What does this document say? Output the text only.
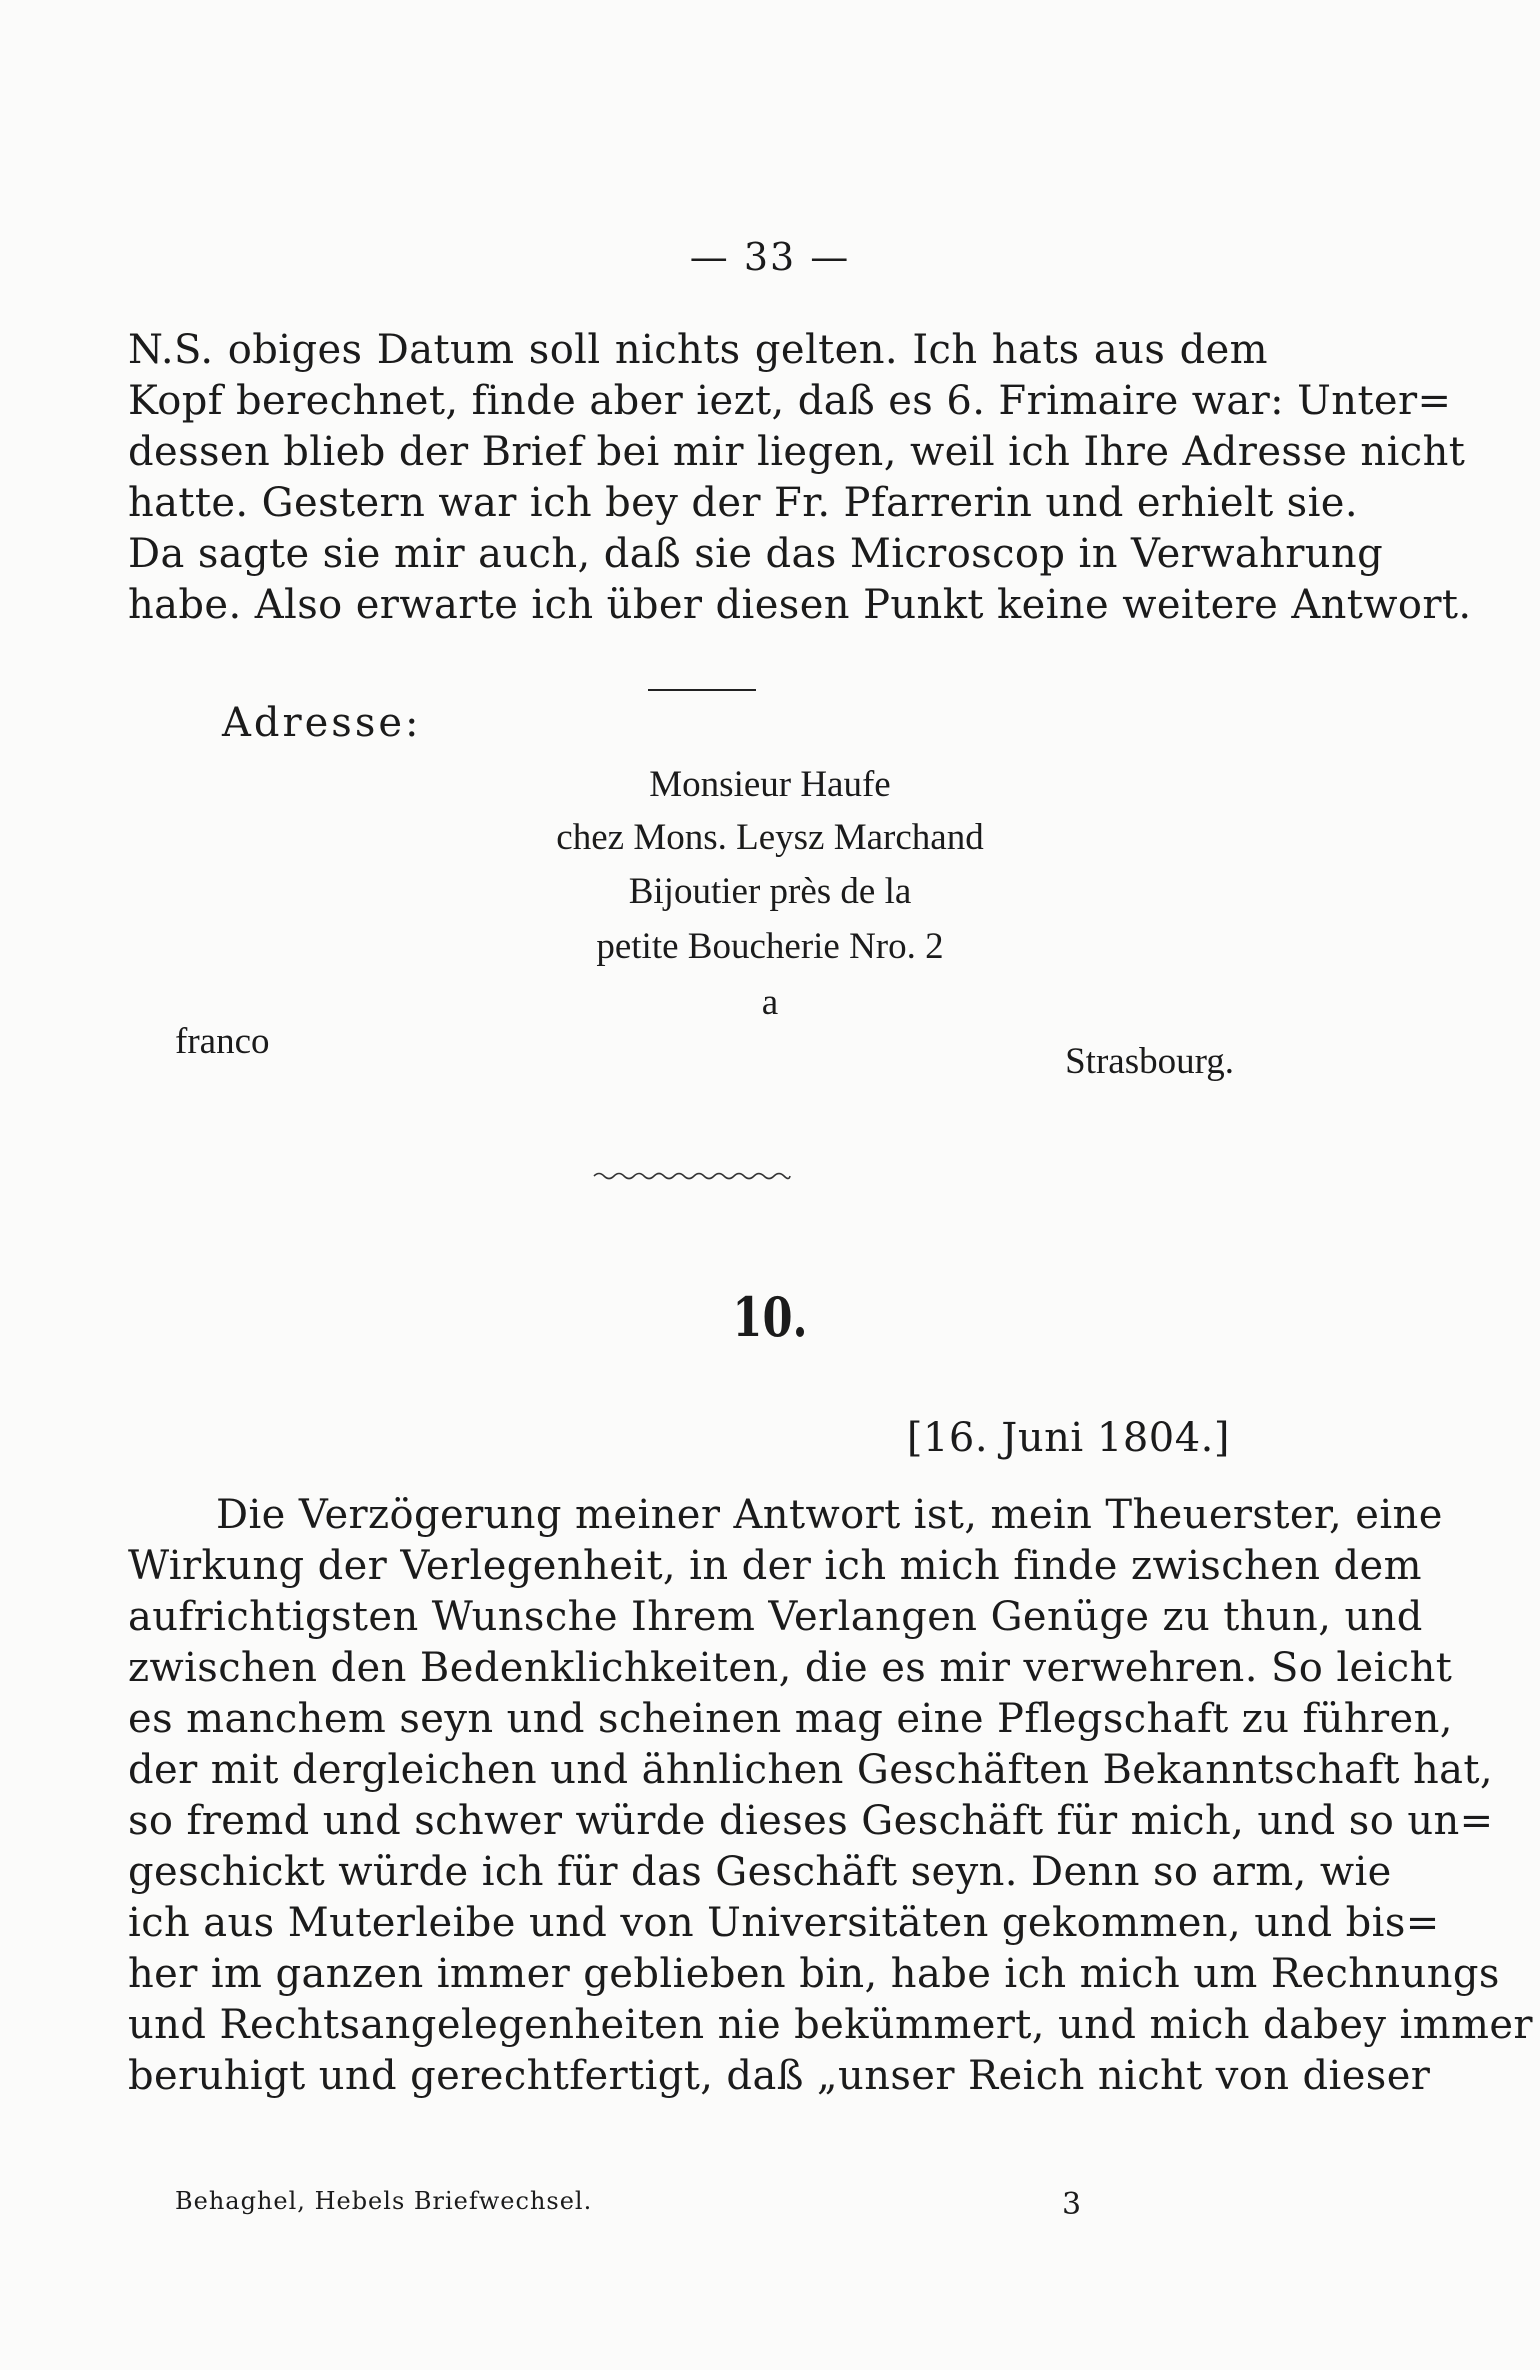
— 33 —
N.S. obiges Datum soll nichts gelten. Ich hats aus dem
Kopf berechnet, finde aber iezt, daß es 6. Frimaire war: Unter=
dessen blieb der Brief bei mir liegen, weil ich Ihre Adresse nicht
hatte. Gestern war ich bey der Fr. Pfarrerin und erhielt sie.
Da sagte sie mir auch, daß sie das Microscop in Verwahrung
habe. Also erwarte ich über diesen Punkt keine weitere Antwort.
Adresse:
Monsieur Haufe
chez Mons. Leysz Marchand
Bijoutier près de la
petite Boucherie Nro. 2
a
franco	Strasbourg.
10.
[16. Juni 1804.]
Die Verzögerung meiner Antwort ist, mein Theuerster, eine
Wirkung der Verlegenheit, in der ich mich finde zwischen dem
aufrichtigsten Wunsche Ihrem Verlangen Genüge zu thun, und
zwischen den Bedenklichkeiten, die es mir verwehren. So leicht
es manchem seyn und scheinen mag eine Pflegschaft zu führen,
der mit dergleichen und ähnlichen Geschäften Bekanntschaft hat,
so fremd und schwer würde dieses Geschäft für mich, und so un=
geschickt würde ich für das Geschäft seyn. Denn so arm, wie
ich aus Muterleibe und von Universitäten gekommen, und bis=
her im ganzen immer geblieben bin, habe ich mich um Rechnungs
und Rechtsangelegenheiten nie bekümmert, und mich dabey immer
beruhigt und gerechtfertigt, daß „unser Reich nicht von dieser
Behaghel, Hebels Briefwechsel.	3
